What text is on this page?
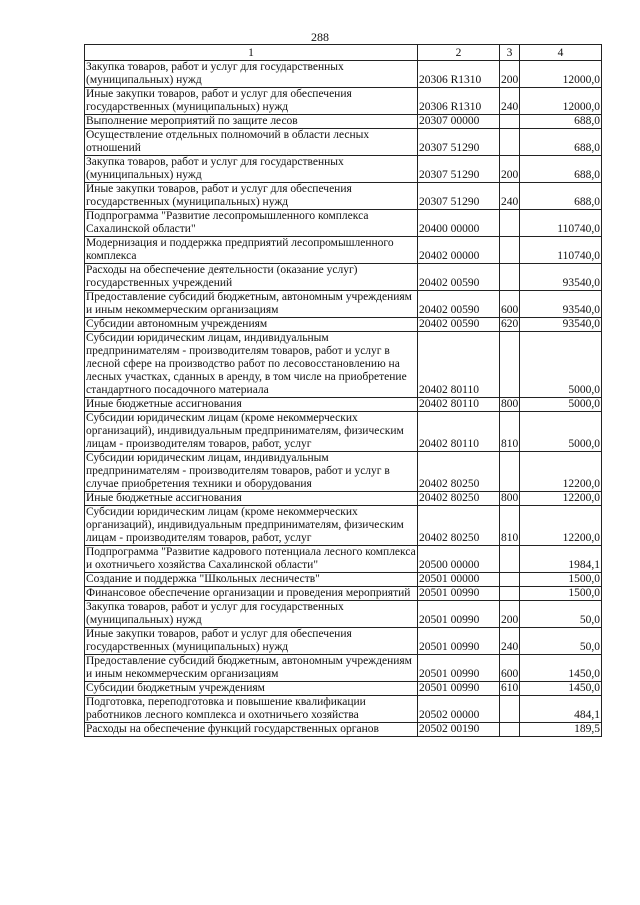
288
1	2	3	4
Закупка товаров, работ и услуг для государственных (муниципальных) нужд	20306 R1310	200	12000,0
Иные закупки товаров, работ и услуг для обеспечения государственных (муниципальных) нужд	20306 R1310	240	12000,0
Выполнение мероприятий по защите лесов	20307 00000		688,0
Осуществление отдельных полномочий в области лесных отношений	20307 51290		688,0
Закупка товаров, работ и услуг для государственных (муниципальных) нужд	20307 51290	200	688,0
Иные закупки товаров, работ и услуг для обеспечения государственных (муниципальных) нужд	20307 51290	240	688,0
Подпрограмма "Развитие лесопромышленного комплекса Сахалинской области"	20400 00000		110740,0
Модернизация и поддержка предприятий лесопромышленного комплекса	20402 00000		110740,0
Расходы на обеспечение деятельности (оказание услуг) государственных учреждений	20402 00590		93540,0
Предоставление субсидий бюджетным, автономным учреждениям и иным некоммерческим организациям	20402 00590	600	93540,0
Субсидии автономным учреждениям	20402 00590	620	93540,0
Субсидии юридическим лицам, индивидуальным предпринимателям - производителям товаров, работ и услуг в лесной сфере на производство работ по лесовосстановлению на лесных участках, сданных в аренду, в том числе на приобретение стандартного посадочного материала	20402 80110		5000,0
Иные бюджетные ассигнования	20402 80110	800	5000,0
Субсидии юридическим лицам (кроме некоммерческих организаций), индивидуальным предпринимателям, физическим лицам - производителям товаров, работ, услуг	20402 80110	810	5000,0
Субсидии юридическим лицам, индивидуальным предпринимателям - производителям товаров, работ и услуг в случае приобретения техники и оборудования	20402 80250		12200,0
Иные бюджетные ассигнования	20402 80250	800	12200,0
Субсидии юридическим лицам (кроме некоммерческих организаций), индивидуальным предпринимателям, физическим лицам - производителям товаров, работ, услуг	20402 80250	810	12200,0
Подпрограмма "Развитие кадрового потенциала лесного комплекса и охотничьего хозяйства Сахалинской области"	20500 00000		1984,1
Создание и поддержка "Школьных лесничеств"	20501 00000		1500,0
Финансовое обеспечение организации и проведения мероприятий	20501 00990		1500,0
Закупка товаров, работ и услуг для государственных (муниципальных) нужд	20501 00990	200	50,0
Иные закупки товаров, работ и услуг для обеспечения государственных (муниципальных) нужд	20501 00990	240	50,0
Предоставление субсидий бюджетным, автономным учреждениям и иным некоммерческим организациям	20501 00990	600	1450,0
Субсидии бюджетным учреждениям	20501 00990	610	1450,0
Подготовка, переподготовка и повышение квалификации работников лесного комплекса и охотничьего хозяйства	20502 00000		484,1
Расходы на обеспечение функций государственных органов	20502 00190		189,5
